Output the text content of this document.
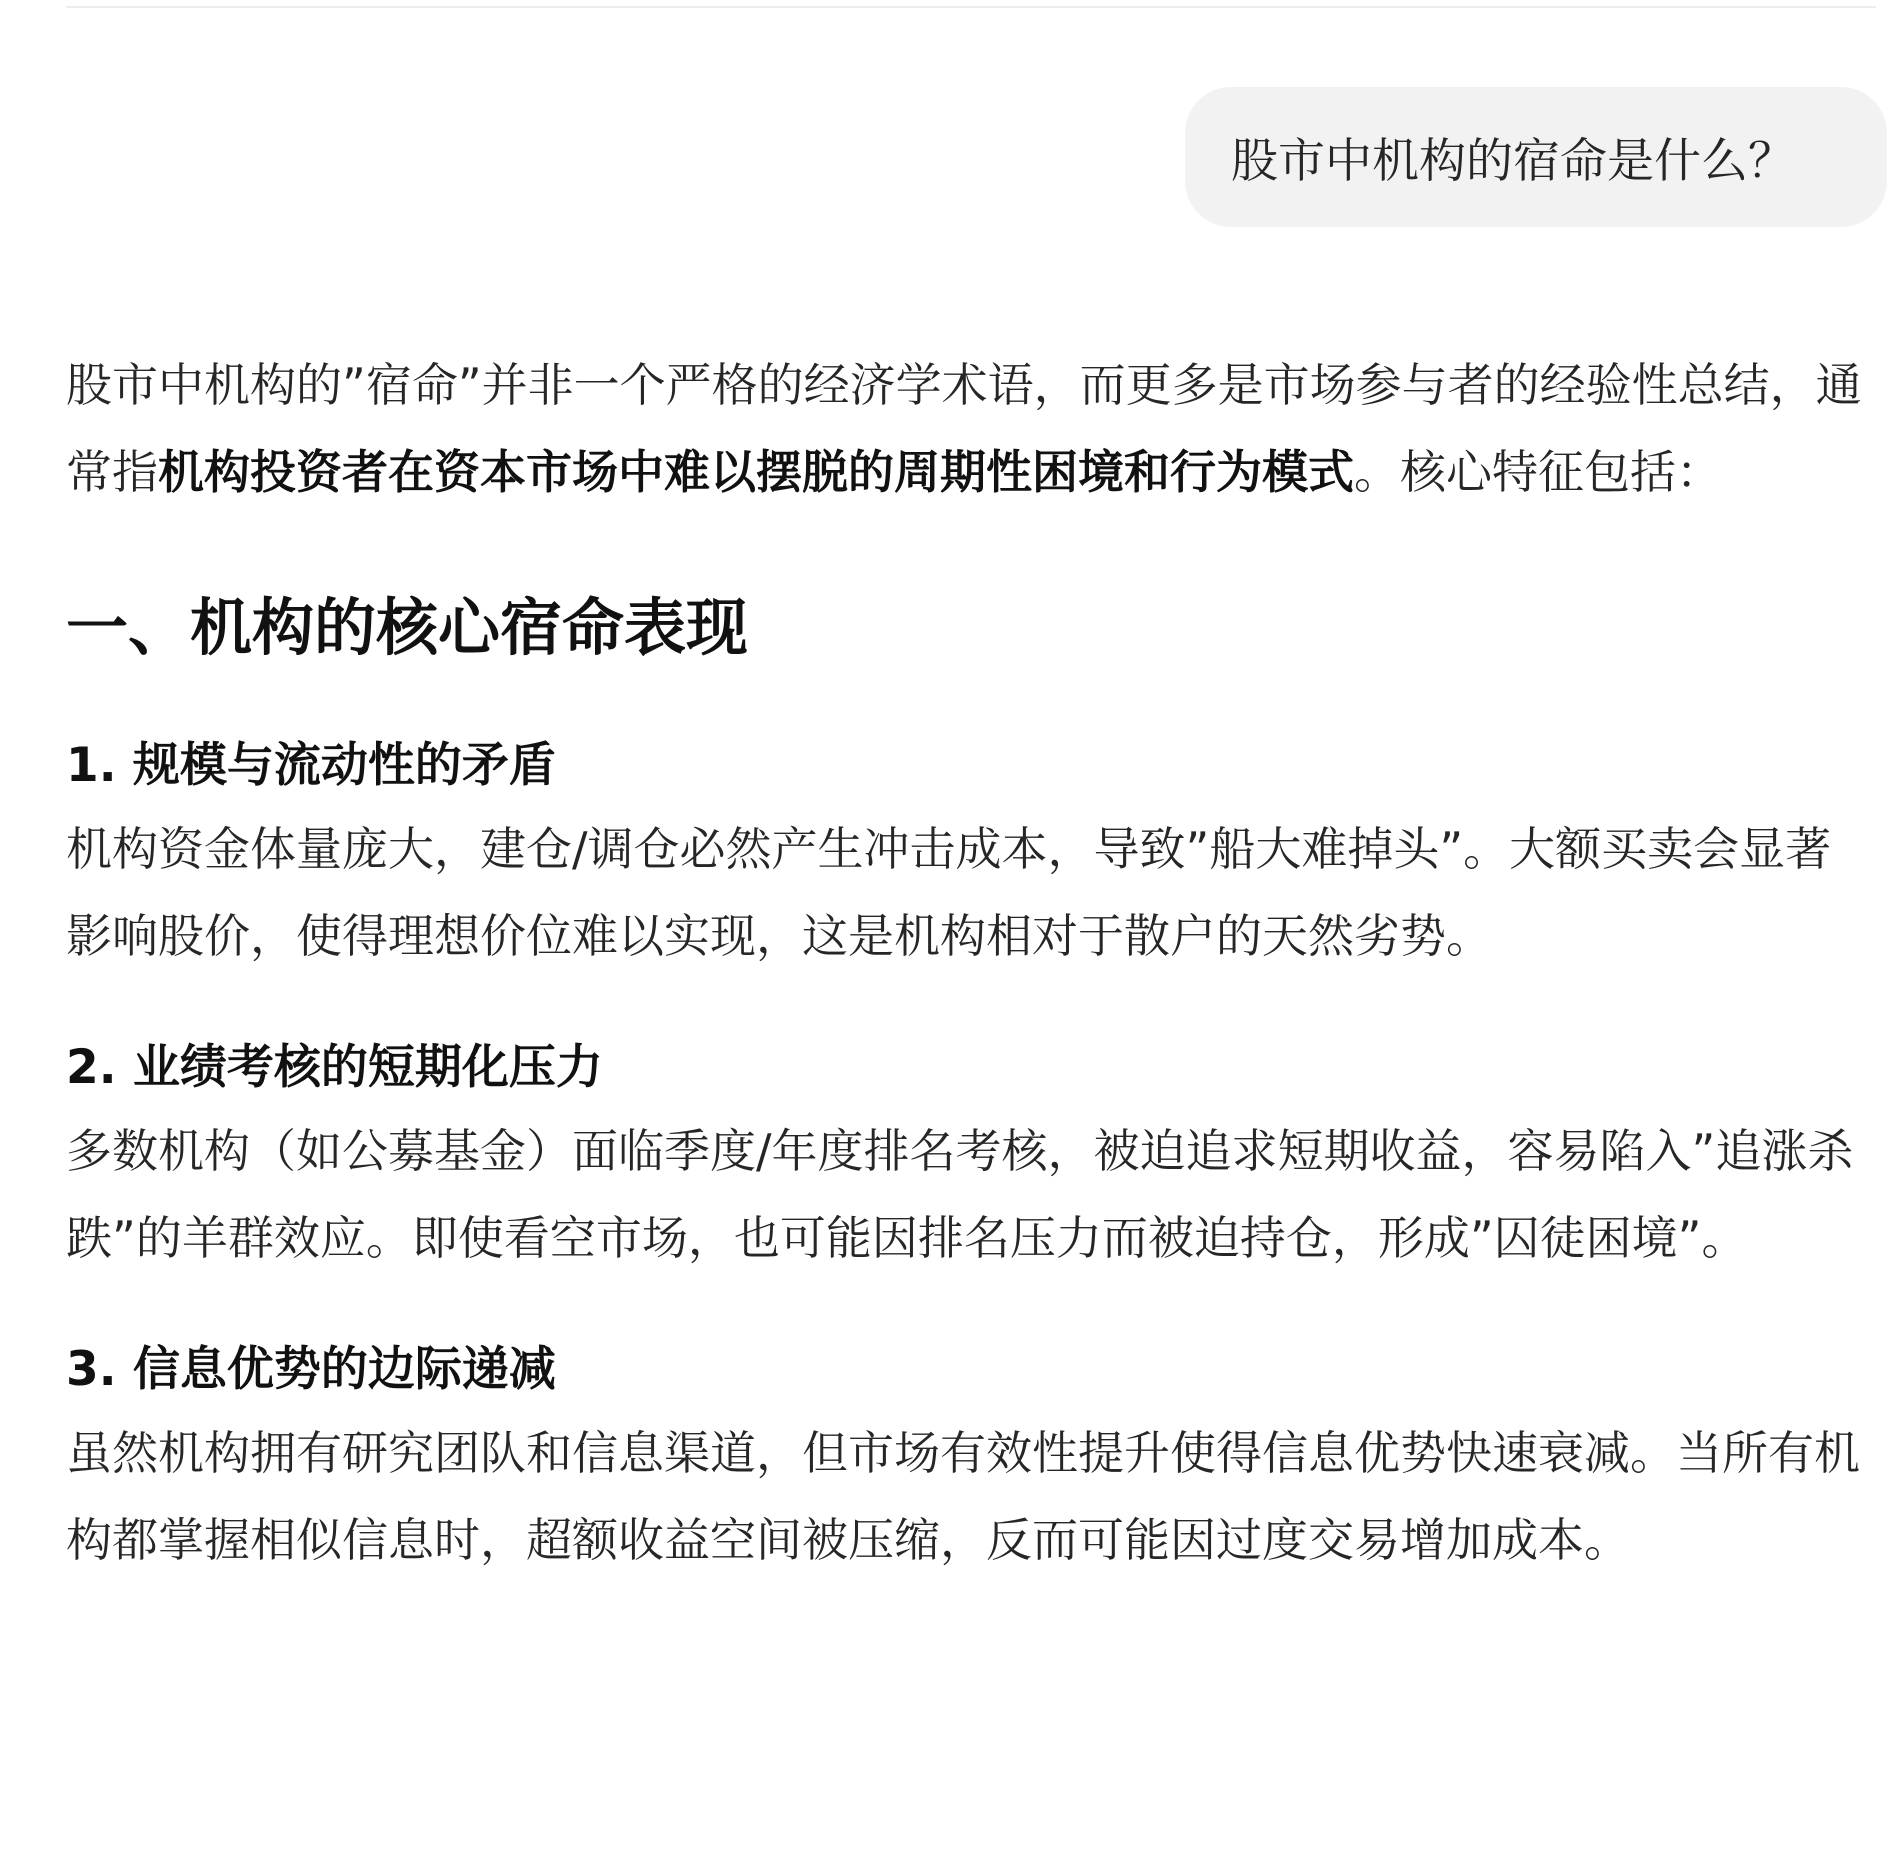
股市中机构的宿命是什么？

股市中机构的”宿命”并非一个严格的经济学术语，而更多是市场参与者的经验性总结，通常指机构投资者在资本市场中难以摆脱的周期性困境和行为模式。核心特征包括：

一、机构的核心宿命表现

1. 规模与流动性的矛盾

机构资金体量庞大，建仓/调仓必然产生冲击成本，导致”船大难掉头”。大额买卖会显著影响股价，使得理想价位难以实现，这是机构相对于散户的天然劣势。

2. 业绩考核的短期化压力

多数机构（如公募基金）面临季度/年度排名考核，被迫追求短期收益，容易陷入”追涨杀跌”的羊群效应。即使看空市场，也可能因排名压力而被迫持仓，形成”囚徒困境”。

3. 信息优势的边际递减

虽然机构拥有研究团队和信息渠道，但市场有效性提升使得信息优势快速衰减。当所有机构都掌握相似信息时，超额收益空间被压缩，反而可能因过度交易增加成本。
